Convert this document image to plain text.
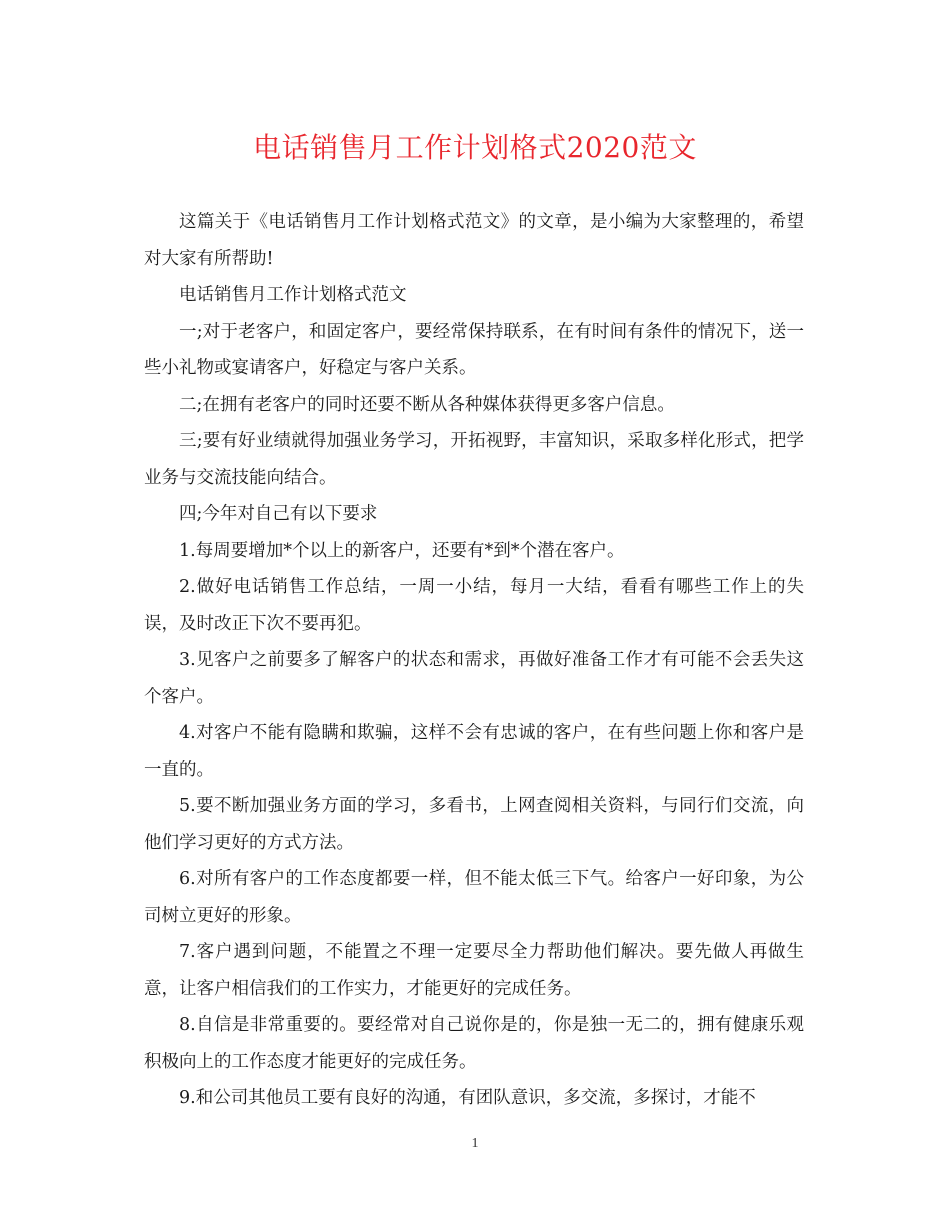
电话销售月工作计划格式2020范文

这篇关于《电话销售月工作计划格式范文》的文章，是小编为大家整理的，希望对大家有所帮助!

电话销售月工作计划格式范文

一;对于老客户，和固定客户，要经常保持联系，在有时间有条件的情况下，送一些小礼物或宴请客户，好稳定与客户关系。

二;在拥有老客户的同时还要不断从各种媒体获得更多客户信息。

三;要有好业绩就得加强业务学习，开拓视野，丰富知识，采取多样化形式，把学业务与交流技能向结合。

四;今年对自己有以下要求

1.每周要增加*个以上的新客户，还要有*到*个潜在客户。

2.做好电话销售工作总结，一周一小结，每月一大结，看看有哪些工作上的失误，及时改正下次不要再犯。

3.见客户之前要多了解客户的状态和需求，再做好准备工作才有可能不会丢失这个客户。

4.对客户不能有隐瞒和欺骗，这样不会有忠诚的客户，在有些问题上你和客户是一直的。

5.要不断加强业务方面的学习，多看书，上网查阅相关资料，与同行们交流，向他们学习更好的方式方法。

6.对所有客户的工作态度都要一样，但不能太低三下气。给客户一好印象，为公司树立更好的形象。

7.客户遇到问题，不能置之不理一定要尽全力帮助他们解决。要先做人再做生意，让客户相信我们的工作实力，才能更好的完成任务。

8.自信是非常重要的。要经常对自己说你是的，你是独一无二的，拥有健康乐观积极向上的工作态度才能更好的完成任务。

9.和公司其他员工要有良好的沟通，有团队意识，多交流，多探讨，才能不

1
